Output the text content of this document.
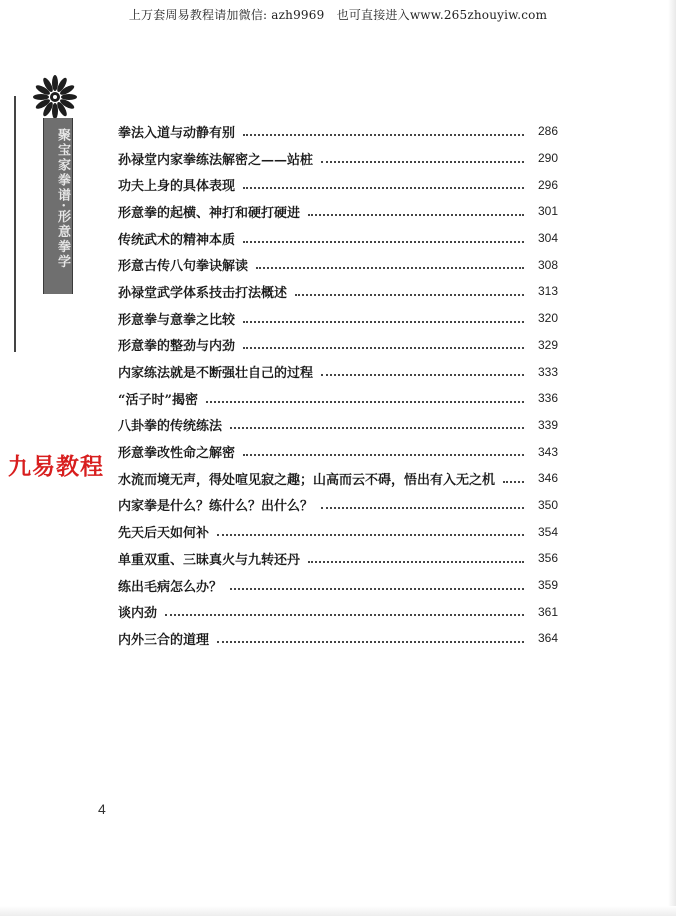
上万套周易教程请加微信: azh9969　也可直接进入www.265zhouyiw.com
聚宝家拳谱·形意拳学
九易教程
拳法入道与动静有别	286
孙禄堂内家拳练法解密之——站桩	290
功夫上身的具体表现	296
形意拳的起横、神打和硬打硬进	301
传统武术的精神本质	304
形意古传八句拳诀解读	308
孙禄堂武学体系技击打法概述	313
形意拳与意拳之比较	320
形意拳的整劲与内劲	329
内家练法就是不断强壮自己的过程	333
“活子时”揭密	336
八卦拳的传统练法	339
形意拳改性命之解密	343
水流而境无声，得处喧见寂之趣；山高而云不碍，悟出有入无之机	346
内家拳是什么？练什么？出什么？	350
先天后天如何补	354
单重双重、三昧真火与九转还丹	356
练出毛病怎么办？	359
谈内劲	361
内外三合的道理	364
4
